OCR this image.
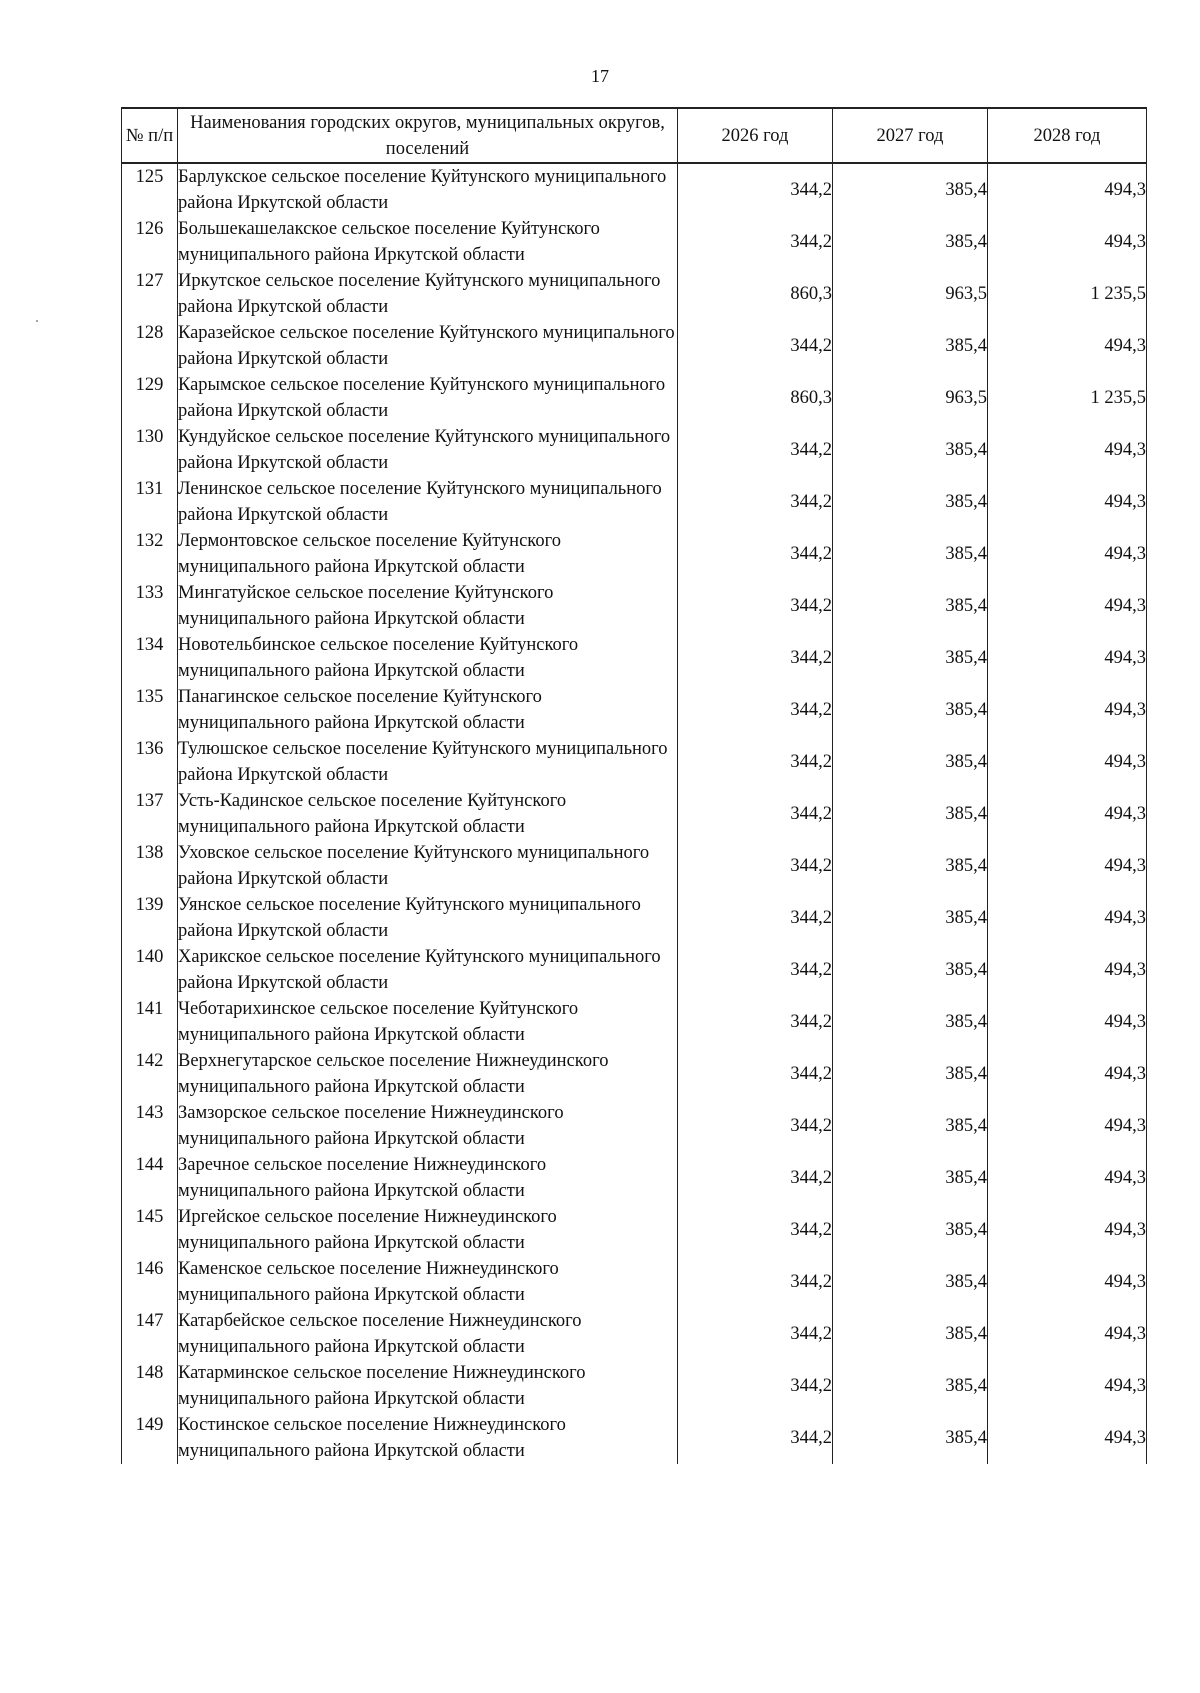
17
№ п/п	Наименования городских округов, муниципальных округов, поселений	2026 год	2027 год	2028 год
125	Барлукское сельское поселение Куйтунского муниципального района Иркутской области	344,2	385,4	494,3
126	Большекашелакское сельское поселение Куйтунского муниципального района Иркутской области	344,2	385,4	494,3
127	Иркутское сельское поселение Куйтунского муниципального района Иркутской области	860,3	963,5	1 235,5
128	Каразейское сельское поселение Куйтунского муниципального района Иркутской области	344,2	385,4	494,3
129	Карымское сельское поселение Куйтунского муниципального района Иркутской области	860,3	963,5	1 235,5
130	Кундуйское сельское поселение Куйтунского муниципального района Иркутской области	344,2	385,4	494,3
131	Ленинское сельское поселение Куйтунского муниципального района Иркутской области	344,2	385,4	494,3
132	Лермонтовское сельское поселение Куйтунского муниципального района Иркутской области	344,2	385,4	494,3
133	Мингатуйское сельское поселение Куйтунского муниципального района Иркутской области	344,2	385,4	494,3
134	Новотельбинское сельское поселение Куйтунского муниципального района Иркутской области	344,2	385,4	494,3
135	Панагинское сельское поселение Куйтунского муниципального района Иркутской области	344,2	385,4	494,3
136	Тулюшское сельское поселение Куйтунского муниципального района Иркутской области	344,2	385,4	494,3
137	Усть-Кадинское сельское поселение Куйтунского муниципального района Иркутской области	344,2	385,4	494,3
138	Уховское сельское поселение Куйтунского муниципального района Иркутской области	344,2	385,4	494,3
139	Уянское сельское поселение Куйтунского муниципального района Иркутской области	344,2	385,4	494,3
140	Харикское сельское поселение Куйтунского муниципального района Иркутской области	344,2	385,4	494,3
141	Чеботарихинское сельское поселение Куйтунского муниципального района Иркутской области	344,2	385,4	494,3
142	Верхнегутарское сельское поселение Нижнеудинского муниципального района Иркутской области	344,2	385,4	494,3
143	Замзорское сельское поселение Нижнеудинского муниципального района Иркутской области	344,2	385,4	494,3
144	Заречное сельское поселение Нижнеудинского муниципального района Иркутской области	344,2	385,4	494,3
145	Иргейское сельское поселение Нижнеудинского муниципального района Иркутской области	344,2	385,4	494,3
146	Каменское сельское поселение Нижнеудинского муниципального района Иркутской области	344,2	385,4	494,3
147	Катарбейское сельское поселение Нижнеудинского муниципального района Иркутской области	344,2	385,4	494,3
148	Катарминское сельское поселение Нижнеудинского муниципального района Иркутской области	344,2	385,4	494,3
149	Костинское сельское поселение Нижнеудинского муниципального района Иркутской области	344,2	385,4	494,3
